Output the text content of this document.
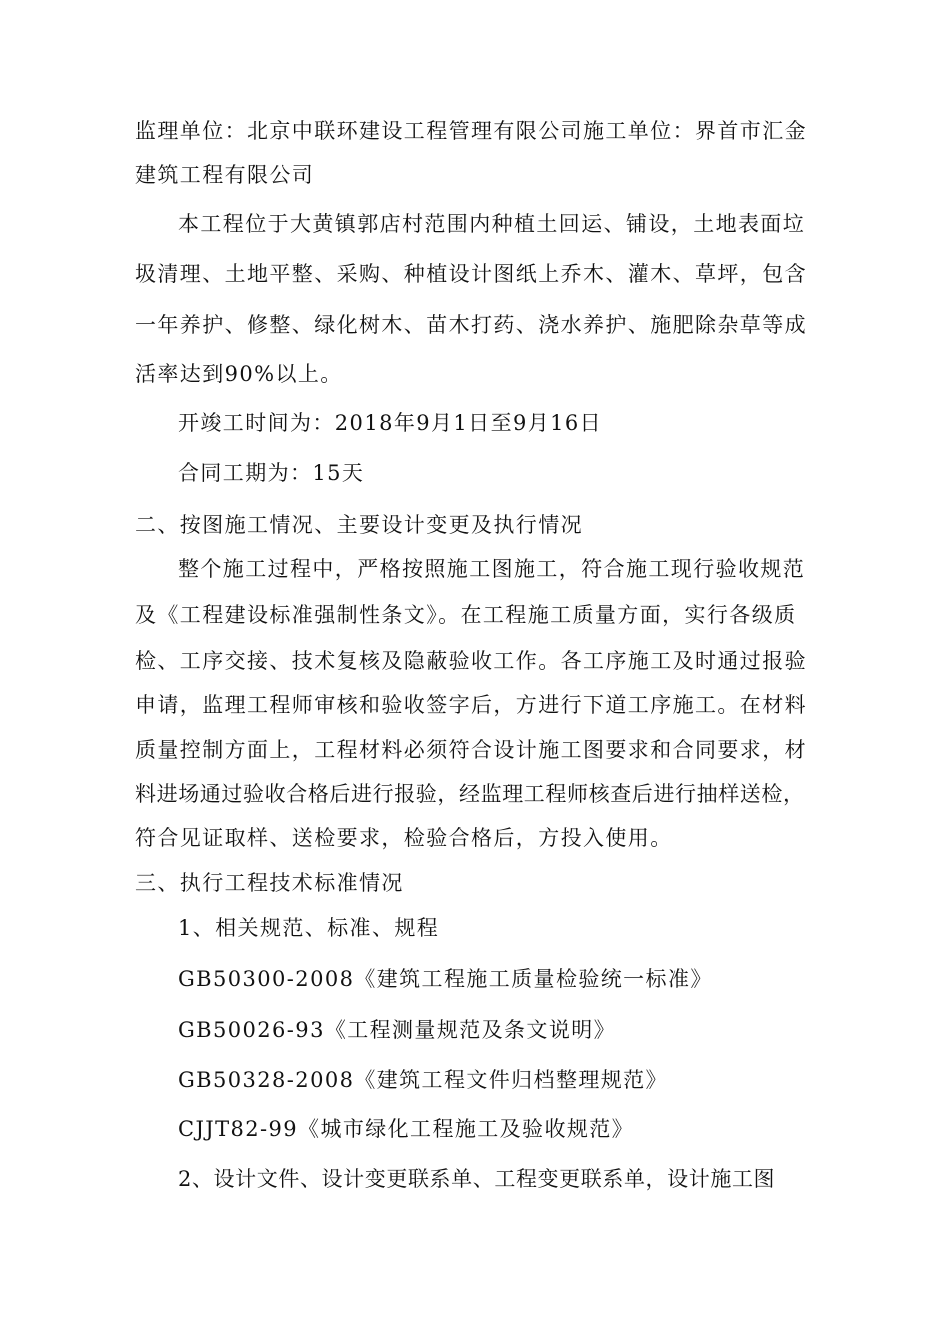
监理单位：北京中联环建设工程管理有限公司施工单位：界首市汇金
建筑工程有限公司
本工程位于大黄镇郭店村范围内种植土回运、铺设，土地表面垃
圾清理、土地平整、采购、种植设计图纸上乔木、灌木、草坪，包含
一年养护、修整、绿化树木、苗木打药、浇水养护、施肥除杂草等成
活率达到90%以上。
开竣工时间为：2018年9月1日至9月16日
合同工期为：15天
二、按图施工情况、主要设计变更及执行情况
整个施工过程中，严格按照施工图施工，符合施工现行验收规范
及《工程建设标准强制性条文》。在工程施工质量方面，实行各级质
检、工序交接、技术复核及隐蔽验收工作。各工序施工及时通过报验
申请，监理工程师审核和验收签字后，方进行下道工序施工。在材料
质量控制方面上，工程材料必须符合设计施工图要求和合同要求，材
料进场通过验收合格后进行报验，经监理工程师核查后进行抽样送检，
符合见证取样、送检要求，检验合格后，方投入使用。
三、执行工程技术标准情况
1、相关规范、标准、规程
GB50300-2008《建筑工程施工质量检验统一标准》
GB50026-93《工程测量规范及条文说明》
GB50328-2008《建筑工程文件归档整理规范》
CJJT82-99《城市绿化工程施工及验收规范》
2、设计文件、设计变更联系单、工程变更联系单，设计施工图
